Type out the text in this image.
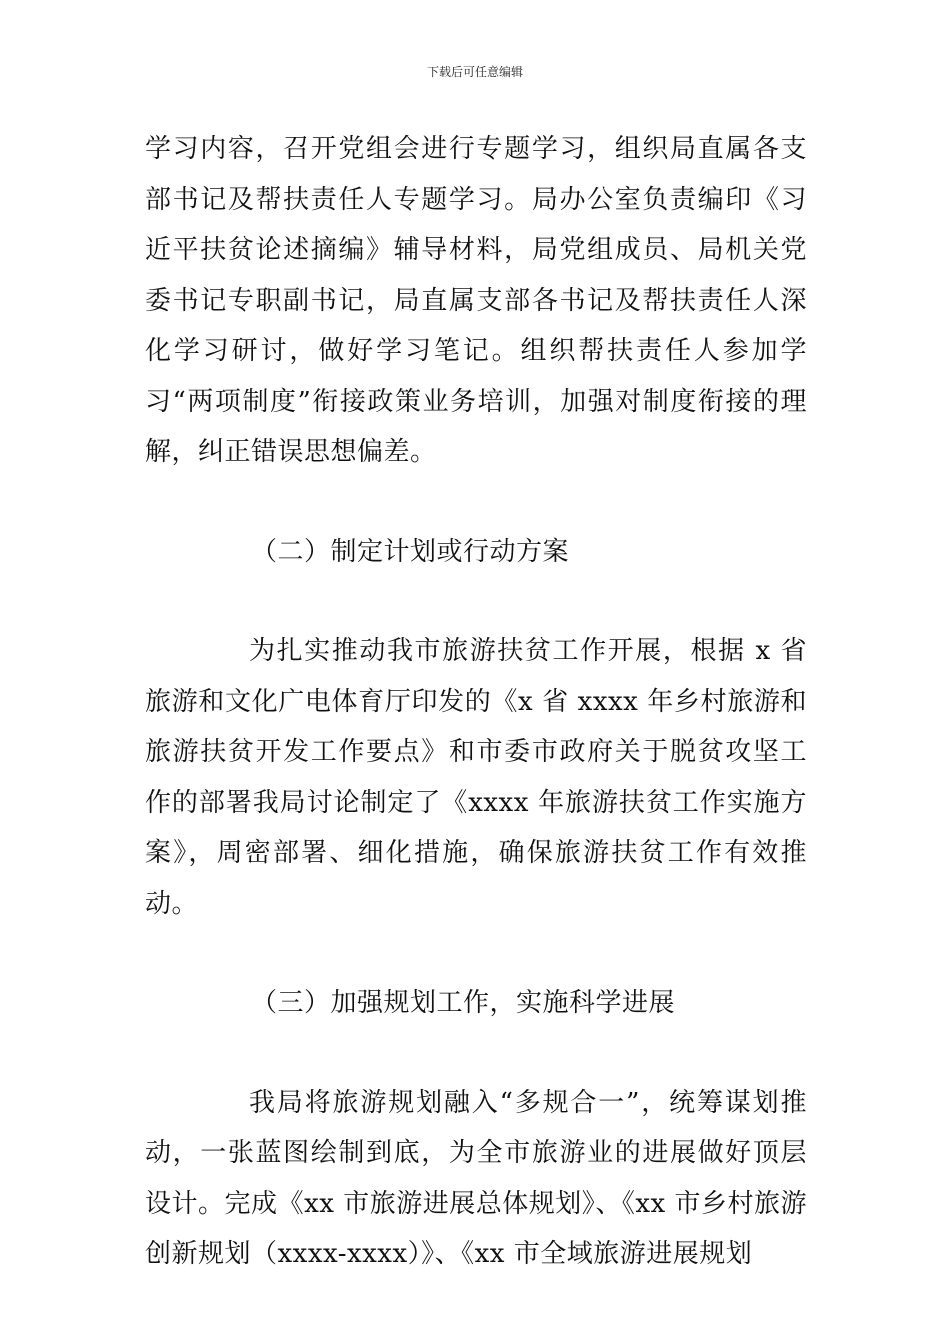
下载后可任意编辑

学习内容，召开党组会进行专题学习，组织局直属各支部书记及帮扶责任人专题学习。局办公室负责编印《习近平扶贫论述摘编》辅导材料，局党组成员、局机关党委书记专职副书记，局直属支部各书记及帮扶责任人深化学习研讨，做好学习笔记。组织帮扶责任人参加学习“两项制度”衔接政策业务培训，加强对制度衔接的理解，纠正错误思想偏差。

（二）制定计划或行动方案

为扎实推动我市旅游扶贫工作开展，根据 x 省旅游和文化广电体育厅印发的《x 省 xxxx 年乡村旅游和旅游扶贫开发工作要点》和市委市政府关于脱贫攻坚工作的部署我局讨论制定了《xxxx 年旅游扶贫工作实施方案》，周密部署、细化措施，确保旅游扶贫工作有效推动。

（三）加强规划工作，实施科学进展

我局将旅游规划融入“多规合一”，统筹谋划推动，一张蓝图绘制到底，为全市旅游业的进展做好顶层设计。完成《xx 市旅游进展总体规划》、《xx 市乡村旅游创新规划（xxxx-xxxx）》、《xx 市全域旅游进展规划
